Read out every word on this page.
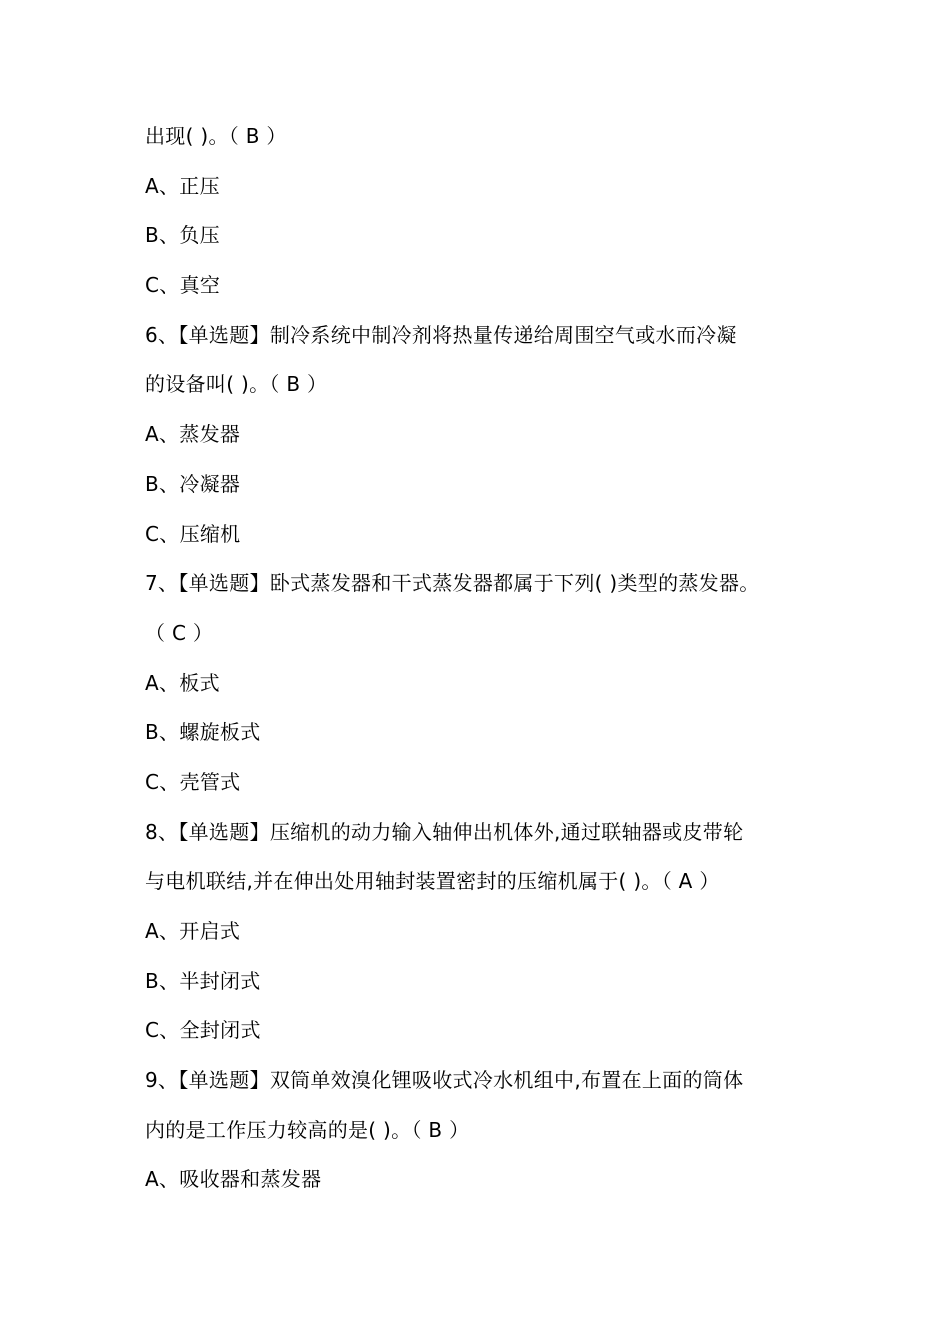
出现( )。（ B ）
A、正压
B、负压
C、真空
6、【单选题】制冷系统中制冷剂将热量传递给周围空气或水而冷凝
的设备叫( )。（ B ）
A、蒸发器
B、冷凝器
C、压缩机
7、【单选题】卧式蒸发器和干式蒸发器都属于下列( )类型的蒸发器。
（ C ）
A、板式
B、螺旋板式
C、壳管式
8、【单选题】压缩机的动力输入轴伸出机体外,通过联轴器或皮带轮
与电机联结,并在伸出处用轴封装置密封的压缩机属于( )。（ A ）
A、开启式
B、半封闭式
C、全封闭式
9、【单选题】双筒单效溴化锂吸收式冷水机组中,布置在上面的筒体
内的是工作压力较高的是( )。（ B ）
A、吸收器和蒸发器
